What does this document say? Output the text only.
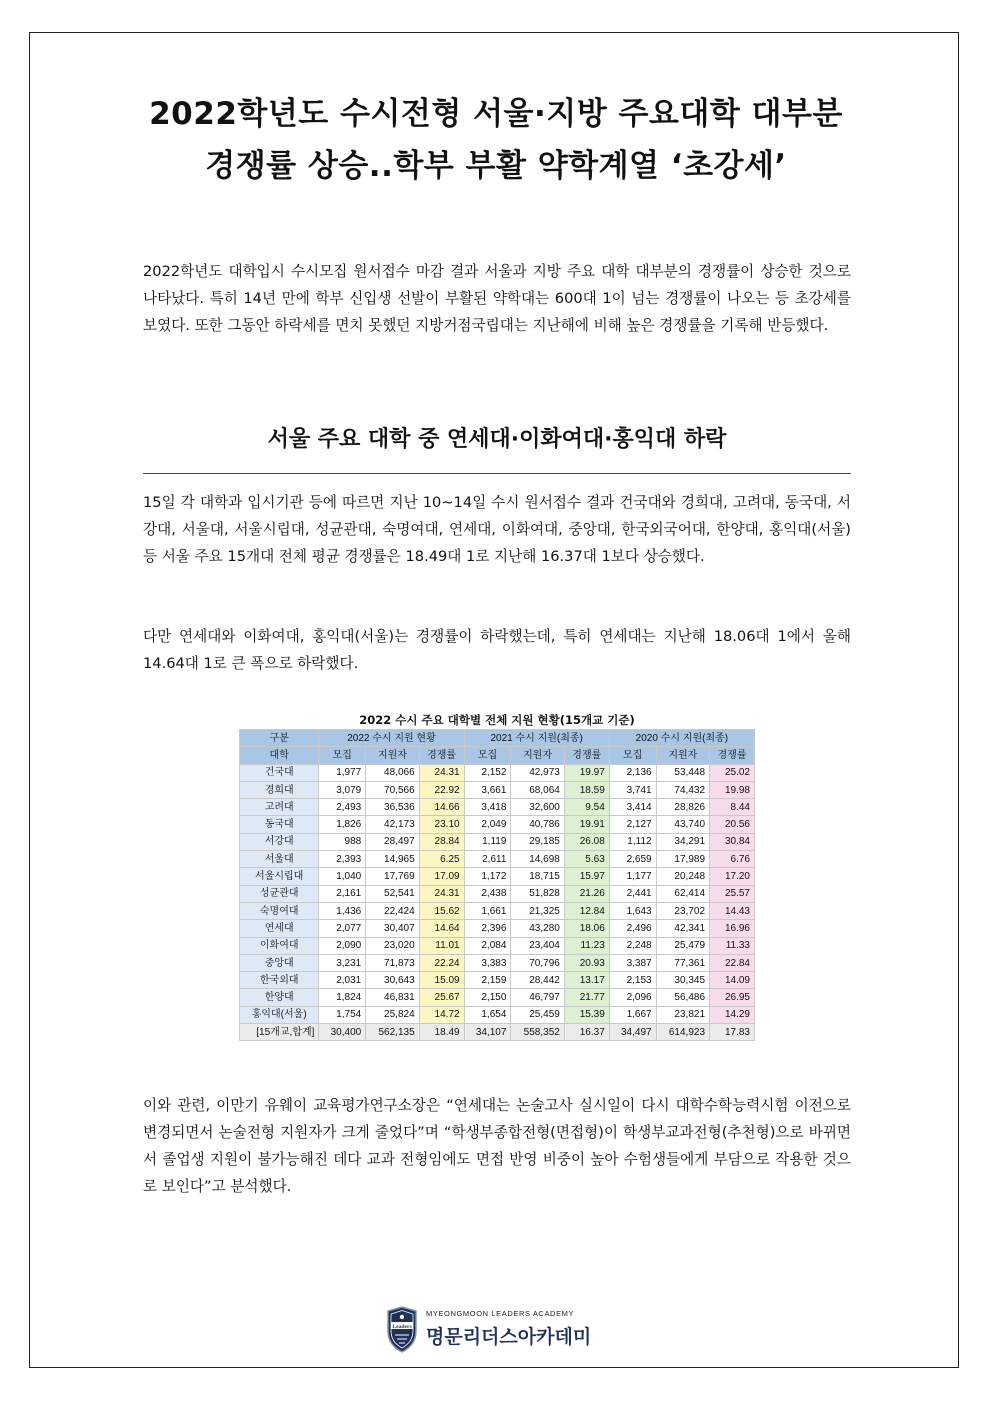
2022학년도 수시전형 서울·지방 주요대학 대부분
경쟁률 상승..학부 부활 약학계열 ‘초강세’

2022학년도 대학입시 수시모집 원서접수 마감 결과 서울과 지방 주요 대학 대부분의 경쟁률이 상승한 것으로 나타났다. 특히 14년 만에 학부 신입생 선발이 부활된 약학대는 600대 1이 넘는 경쟁률이 나오는 등 초강세를 보였다. 또한 그동안 하락세를 면치 못했던 지방거점국립대는 지난해에 비해 높은 경쟁률을 기록해 반등했다.

서울 주요 대학 중 연세대·이화여대·홍익대 하락

15일 각 대학과 입시기관 등에 따르면 지난 10~14일 수시 원서접수 결과 건국대와 경희대, 고려대, 동국대, 서강대, 서울대, 서울시립대, 성균관대, 숙명여대, 연세대, 이화여대, 중앙대, 한국외국어대, 한양대, 홍익대(서울) 등 서울 주요 15개대 전체 평균 경쟁률은 18.49대 1로 지난해 16.37대 1보다 상승했다.

다만 연세대와 이화여대, 홍익대(서울)는 경쟁률이 하락했는데, 특히 연세대는 지난해 18.06대 1에서 올해 14.64대 1로 큰 폭으로 하락했다.

2022 수시 주요 대학별 전체 지원 현황(15개교 기준)
구분	2022 수시 지원 현황			2021 수시 지원(최종)			2020 수시 지원(최종)		
대학	모집	지원자	경쟁률	모집	지원자	경쟁률	모집	지원자	경쟁률
건국대	1,977	48,066	24.31	2,152	42,973	19.97	2,136	53,448	25.02
경희대	3,079	70,566	22.92	3,661	68,064	18.59	3,741	74,432	19.98
고려대	2,493	36,536	14.66	3,418	32,600	9.54	3,414	28,826	8.44
동국대	1,826	42,173	23.10	2,049	40,786	19.91	2,127	43,740	20.56
서강대	988	28,497	28.84	1,119	29,185	26.08	1,112	34,291	30.84
서울대	2,393	14,965	6.25	2,611	14,698	5.63	2,659	17,989	6.76
서울시립대	1,040	17,769	17.09	1,172	18,715	15.97	1,177	20,248	17.20
성균관대	2,161	52,541	24.31	2,438	51,828	21.26	2,441	62,414	25.57
숙명여대	1,436	22,424	15.62	1,661	21,325	12.84	1,643	23,702	14.43
연세대	2,077	30,407	14.64	2,396	43,280	18.06	2,496	42,341	16.96
이화여대	2,090	23,020	11.01	2,084	23,404	11.23	2,248	25,479	11.33
중앙대	3,231	71,873	22.24	3,383	70,796	20.93	3,387	77,361	22.84
한국외대	2,031	30,643	15.09	2,159	28,442	13.17	2,153	30,345	14.09
한양대	1,824	46,831	25.67	2,150	46,797	21.77	2,096	56,486	26.95
홍익대(서울)	1,754	25,824	14.72	1,654	25,459	15.39	1,667	23,821	14.29
[15개교,합계]	30,400	562,135	18.49	34,107	558,352	16.37	34,497	614,923	17.83

이와 관련, 이만기 유웨이 교육평가연구소장은 “연세대는 논술고사 실시일이 다시 대학수학능력시험 이전으로 변경되면서 논술전형 지원자가 크게 줄었다”며 “학생부종합전형(면접형)이 학생부교과전형(추천형)으로 바뀌면서 졸업생 지원이 불가능해진 데다 교과 전형임에도 면접 반영 비중이 높아 수험생들에게 부담으로 작용한 것으로 보인다”고 분석했다.

Leaders
MYEONGMOON LEADERS ACADEMY
명문리더스아카데미
